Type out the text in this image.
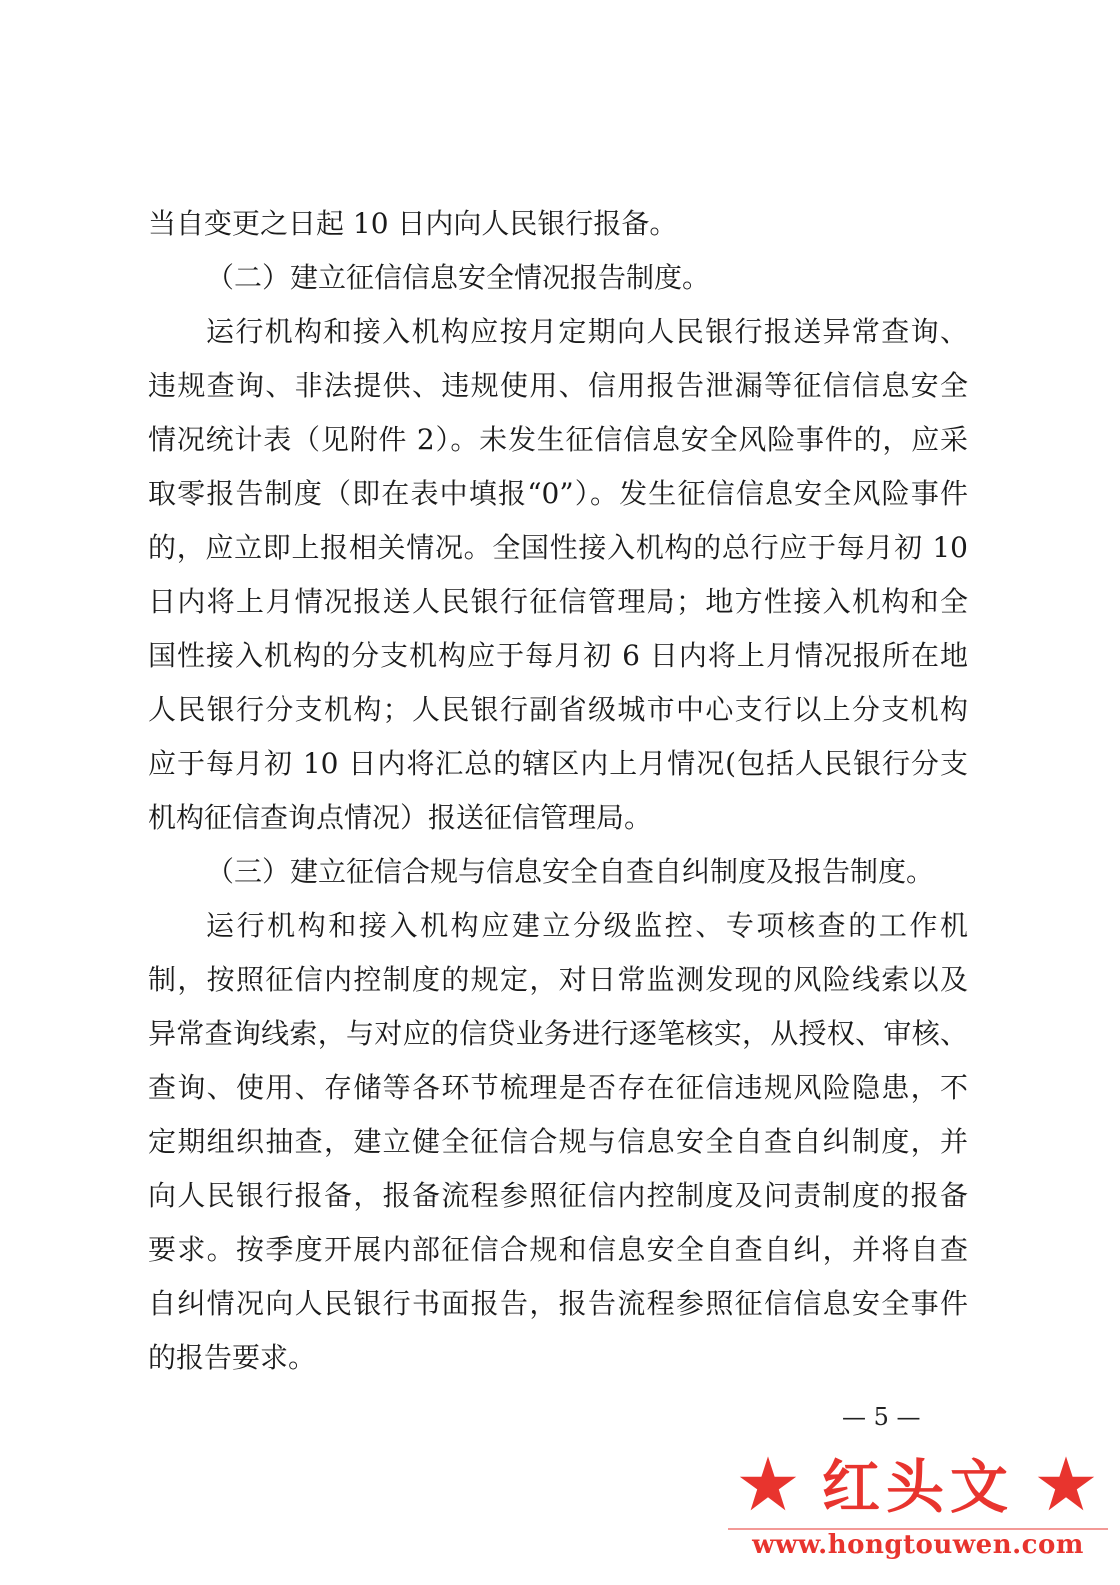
当自变更之日起 10 日内向人民银行报备。
（二）建立征信信息安全情况报告制度。
运行机构和接入机构应按月定期向人民银行报送异常查询、
违规查询、非法提供、违规使用、信用报告泄漏等征信信息安全
情况统计表（见附件 2）。未发生征信信息安全风险事件的，应采
取零报告制度（即在表中填报“0”）。发生征信信息安全风险事件
的，应立即上报相关情况。全国性接入机构的总行应于每月初 10
日内将上月情况报送人民银行征信管理局；地方性接入机构和全
国性接入机构的分支机构应于每月初 6 日内将上月情况报所在地
人民银行分支机构；人民银行副省级城市中心支行以上分支机构
应于每月初 10 日内将汇总的辖区内上月情况(包括人民银行分支
机构征信查询点情况）报送征信管理局。
（三）建立征信合规与信息安全自查自纠制度及报告制度。
运行机构和接入机构应建立分级监控、专项核查的工作机
制，按照征信内控制度的规定，对日常监测发现的风险线索以及
异常查询线索，与对应的信贷业务进行逐笔核实，从授权、审核、
查询、使用、存储等各环节梳理是否存在征信违规风险隐患，不
定期组织抽查，建立健全征信合规与信息安全自查自纠制度，并
向人民银行报备，报备流程参照征信内控制度及问责制度的报备
要求。按季度开展内部征信合规和信息安全自查自纠，并将自查
自纠情况向人民银行书面报告，报告流程参照征信信息安全事件
的报告要求。
— 5 —
红头文
www.hongtouwen.com
